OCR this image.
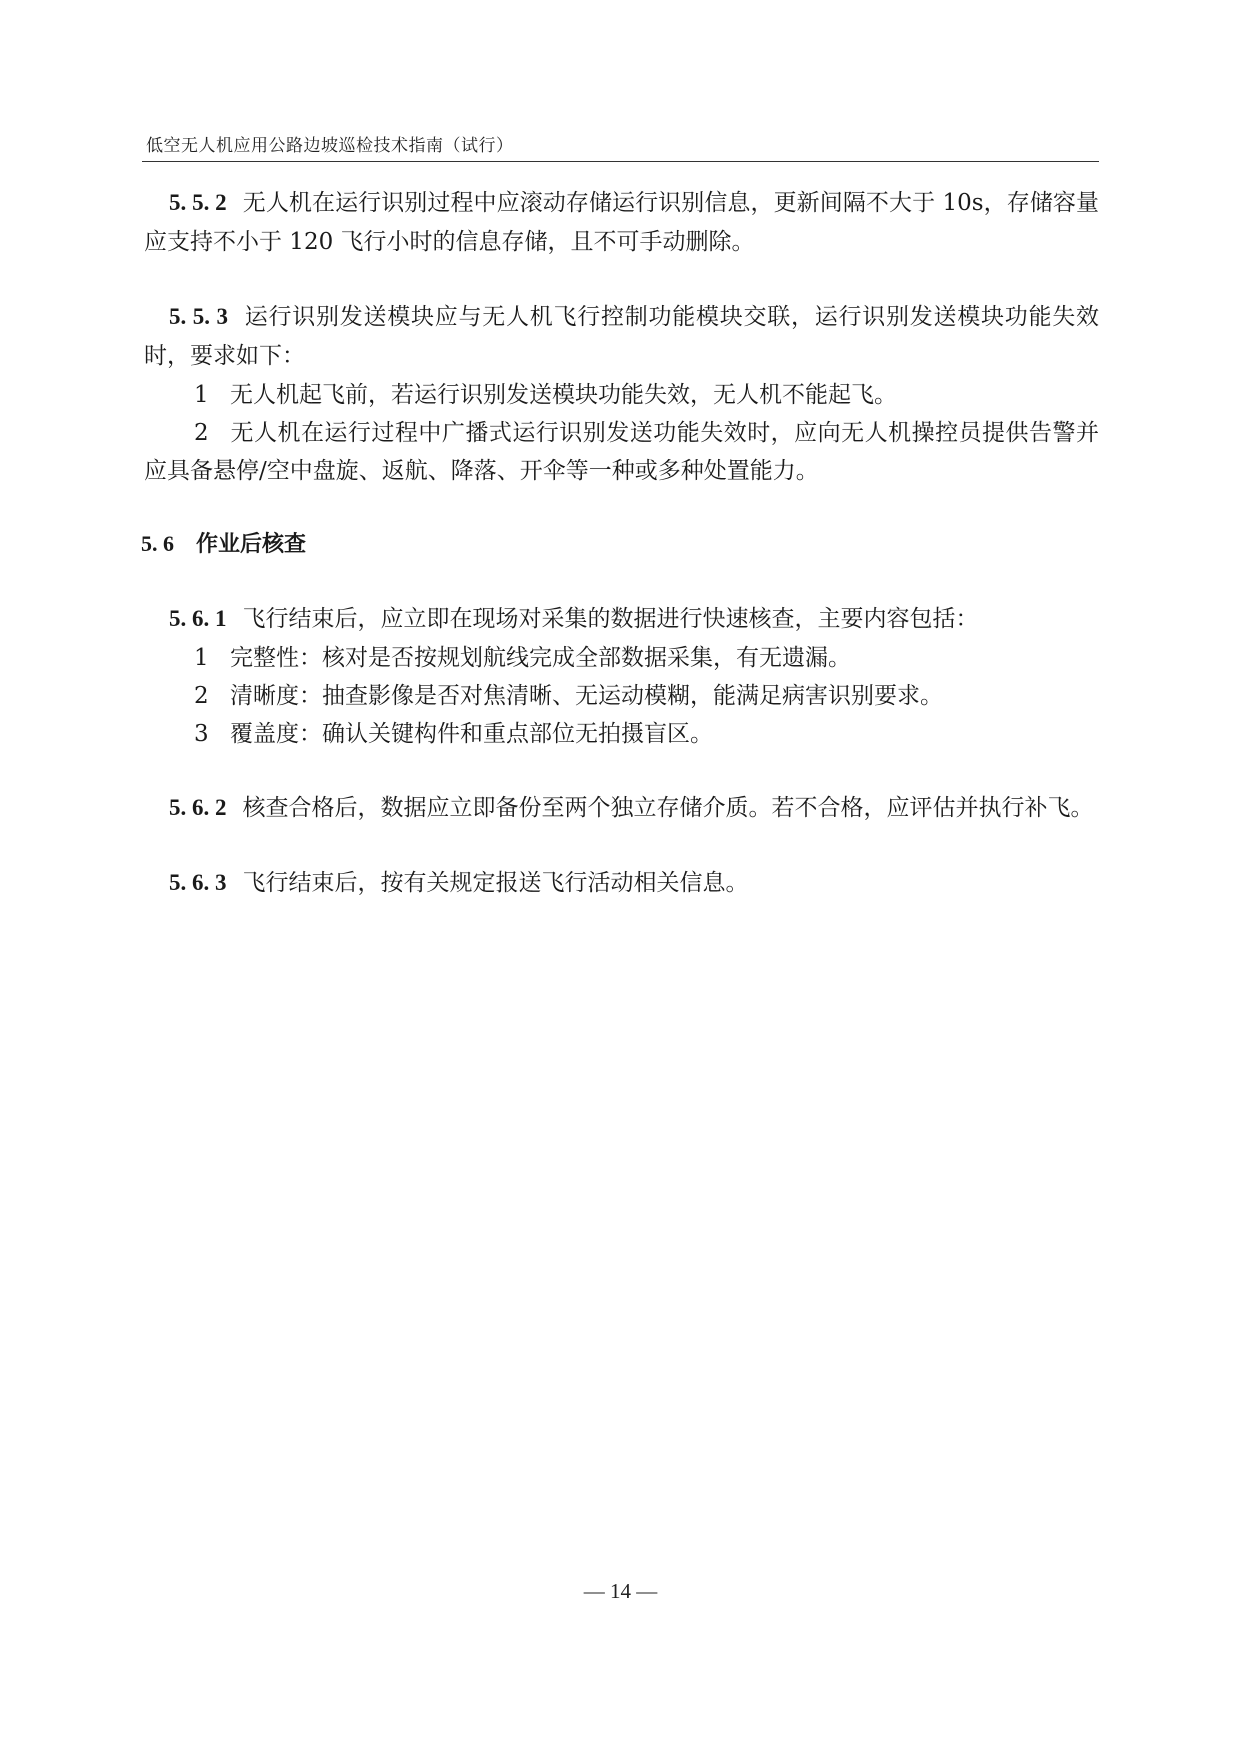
低空无人机应用公路边坡巡检技术指南（试行）

5. 5. 2 无人机在运行识别过程中应滚动存储运行识别信息，更新间隔不大于 10s，存储容量应支持不小于 120 飞行小时的信息存储，且不可手动删除。

5. 5. 3 运行识别发送模块应与无人机飞行控制功能模块交联，运行识别发送模块功能失效时，要求如下：

1 无人机起飞前，若运行识别发送模块功能失效，无人机不能起飞。

2 无人机在运行过程中广播式运行识别发送功能失效时，应向无人机操控员提供告警并应具备悬停/空中盘旋、返航、降落、开伞等一种或多种处置能力。

5. 6 作业后核查

5. 6. 1 飞行结束后，应立即在现场对采集的数据进行快速核查，主要内容包括：

1 完整性：核对是否按规划航线完成全部数据采集，有无遗漏。

2 清晰度：抽查影像是否对焦清晰、无运动模糊，能满足病害识别要求。

3 覆盖度：确认关键构件和重点部位无拍摄盲区。

5. 6. 2 核查合格后，数据应立即备份至两个独立存储介质。若不合格，应评估并执行补飞。

5. 6. 3 飞行结束后，按有关规定报送飞行活动相关信息。

— 14 —
